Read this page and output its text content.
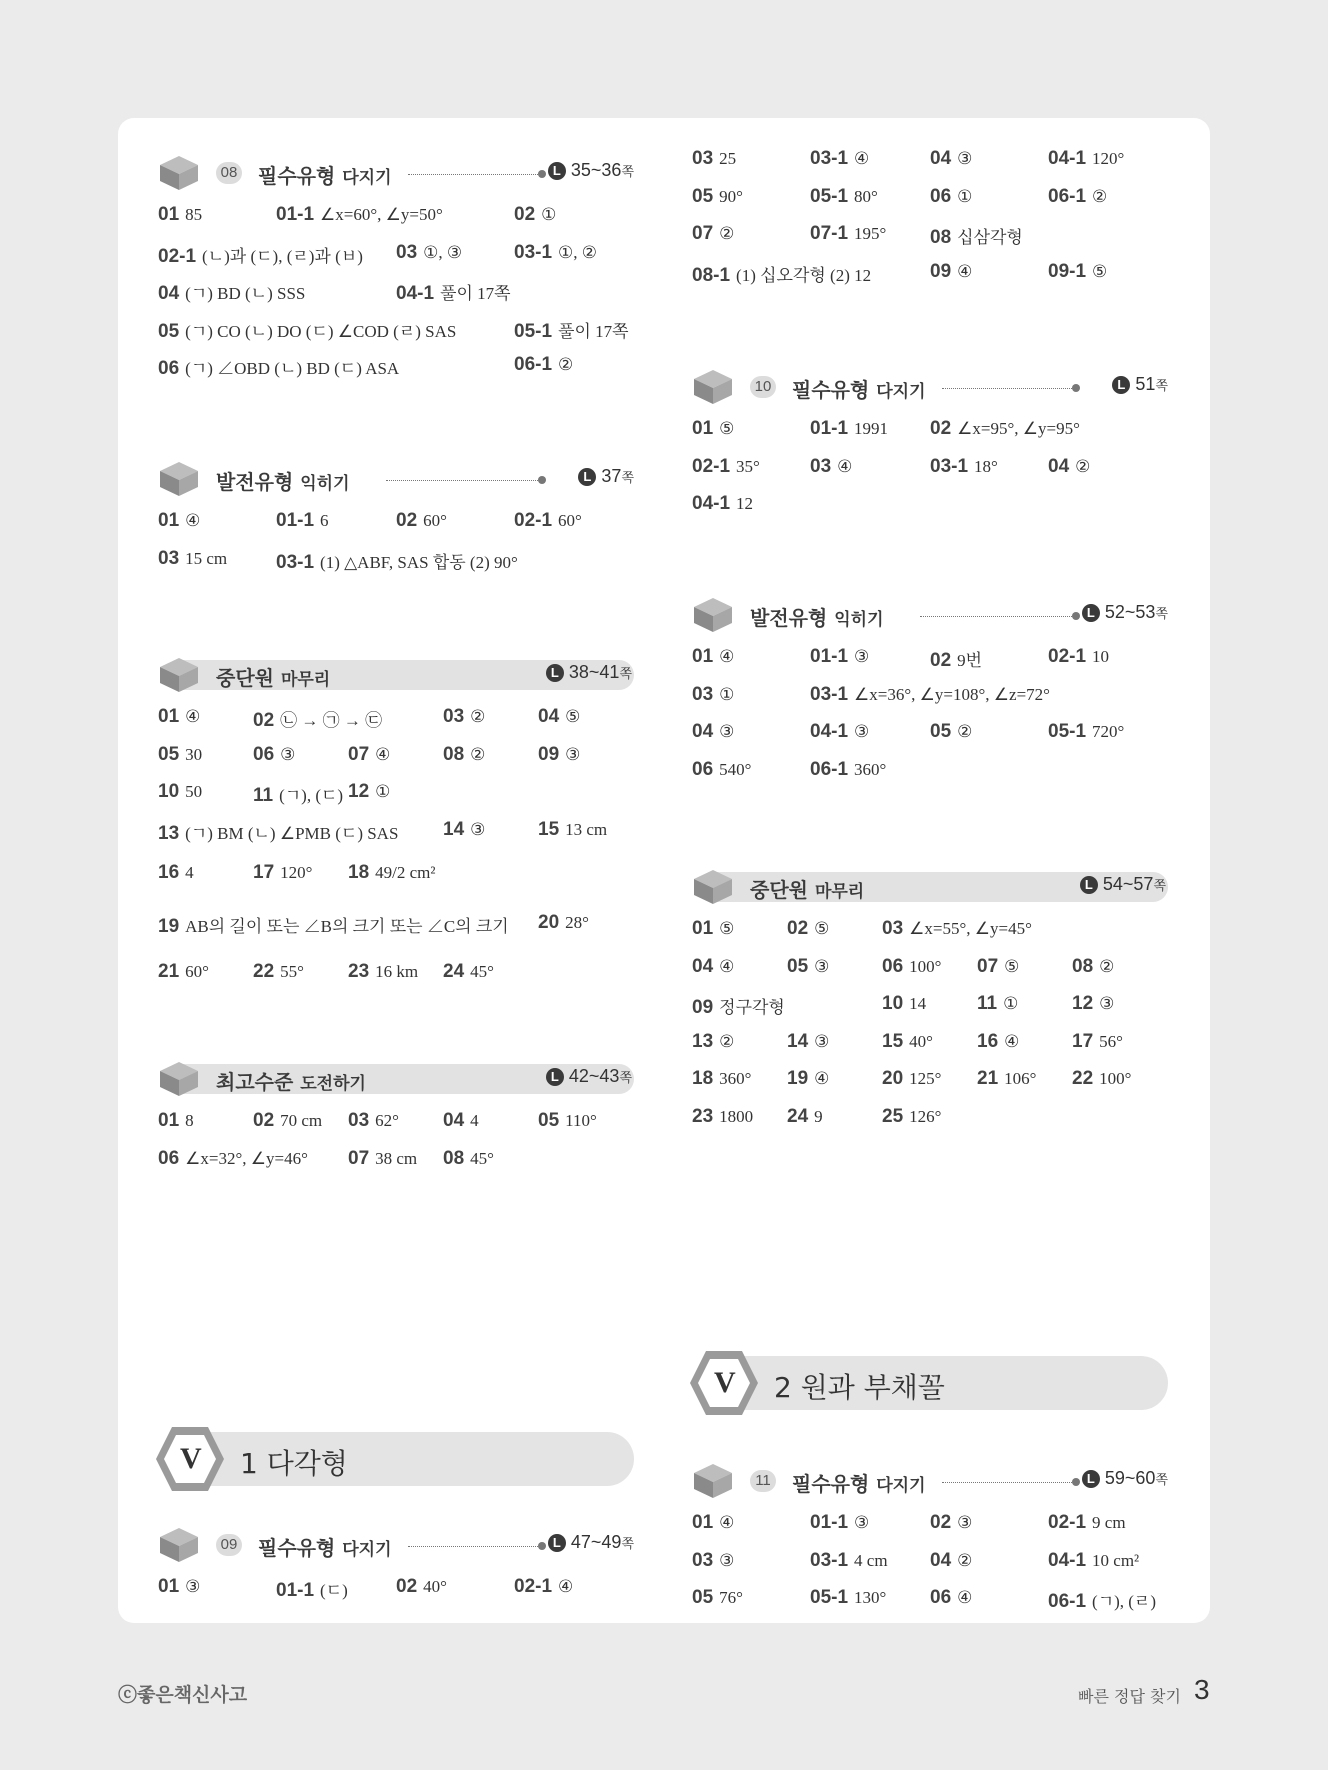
08 필수유형 다지기	L 35~36쪽
01 85	01-1 ∠x=60°, ∠y=50°	02 ①
02-1 (ㄴ)과 (ㄷ), (ㄹ)과 (ㅂ) 03 ①, ③	03-1 ①, ②
04 (ㄱ) BD (ㄴ) SSS	04-1 풀이 17쪽
05 (ㄱ) CO (ㄴ) DO (ㄷ) ∠COD (ㄹ) SAS	05-1 풀이 17쪽
06 (ㄱ) ∠OBD (ㄴ) BD (ㄷ) ASA	06-1 ②
발전유형 익히기	L 37쪽
01 ④	01-1 6	02 60°	02-1 60°
03 15 cm	03-1 (1) △ABF, SAS 합동 (2) 90°
중단원 마무리	L 38~41쪽
01 ④	02 ㉡ → ㉠ → ㉢	03 ②	04 ⑤
05 30	06 ③	07 ④	08 ②	09 ③
10 50	11 (ㄱ), (ㄷ) 12 ①
13 (ㄱ) BM (ㄴ) ∠PMB (ㄷ) SAS 14 ③	15 13 cm
16 4	17 120° 18 49/2 cm²
19 AB의 길이 또는 ∠B의 크기 또는 ∠C의 크기 20 28°
21 60° 22 55° 23 16 km 24 45°
최고수준 도전하기	L 42~43쪽
01 8	02 70 cm 03 62° 04 4	05 110°
06 ∠x=32°, ∠y=46° 07 38 cm 08 45°
09 필수유형 다지기	L 47~49쪽
01 ③	01-1 (ㄷ)	02 40°	02-1 ④
03 25	03-1 ④	04 ③	04-1 120°
05 90°	05-1 80°	06 ①	06-1 ②
07 ②	07-1 195° 08 십삼각형
08-1 (1) 십오각형 (2) 12	09 ④	09-1 ⑤
10 필수유형 다지기	L 51쪽
01 ⑤	01-1 1991 02 ∠x=95°, ∠y=95°
02-1 35°	03 ④	03-1 18°	04 ②
04-1 12
발전유형 익히기	L 52~53쪽
01 ④	01-1 ③	02 9번	02-1 10
03 ①	03-1 ∠x=36°, ∠y=108°, ∠z=72°
04 ③	04-1 ③	05 ②	05-1 720°
06 540°	06-1 360°
중단원 마무리	L 54~57쪽
01 ⑤	02 ⑤	03 ∠x=55°, ∠y=45°
04 ④	05 ③	06 100° 07 ⑤	08 ②
09 정구각형	10 14	11 ①	12 ③
13 ②	14 ③	15 40° 16 ④	17 56°
18 360° 19 ④	20 125° 21 106° 22 100°
23 1800 24 9	25 126°
11 필수유형 다지기	L 59~60쪽
01 ④	01-1 ③	02 ③	02-1 9 cm
03 ③	03-1 4 cm 04 ②	04-1 10 cm²
05 76°	05-1 130° 06 ④	06-1 (ㄱ), (ㄹ)
V 1 다각형
V 2 원과 부채꼴
ⓒ좋은책신사고	빠른 정답 찾기 3
